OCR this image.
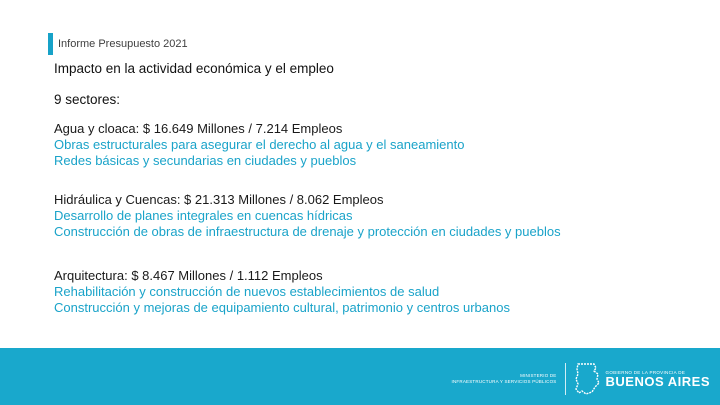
Informe Presupuesto 2021
Impacto en la actividad económica y el empleo
9 sectores:
Agua y cloaca: $ 16.649 Millones / 7.214 Empleos
Obras estructurales para asegurar el derecho al agua y el saneamiento
Redes básicas y secundarias en ciudades y pueblos
Hidráulica y Cuencas: $ 21.313 Millones / 8.062 Empleos
Desarrollo de planes integrales en cuencas hídricas
Construcción de obras de infraestructura de drenaje y protección en ciudades y pueblos
Arquitectura: $ 8.467 Millones / 1.112 Empleos
Rehabilitación y construcción de nuevos establecimientos de salud
Construcción y mejoras de equipamiento cultural, patrimonio y centros urbanos
MINISTERIO DE
INFRAESTRUCTURA Y SERVICIOS PÚBLICOS
GOBIERNO DE LA PROVINCIA DE
BUENOS AIRES
